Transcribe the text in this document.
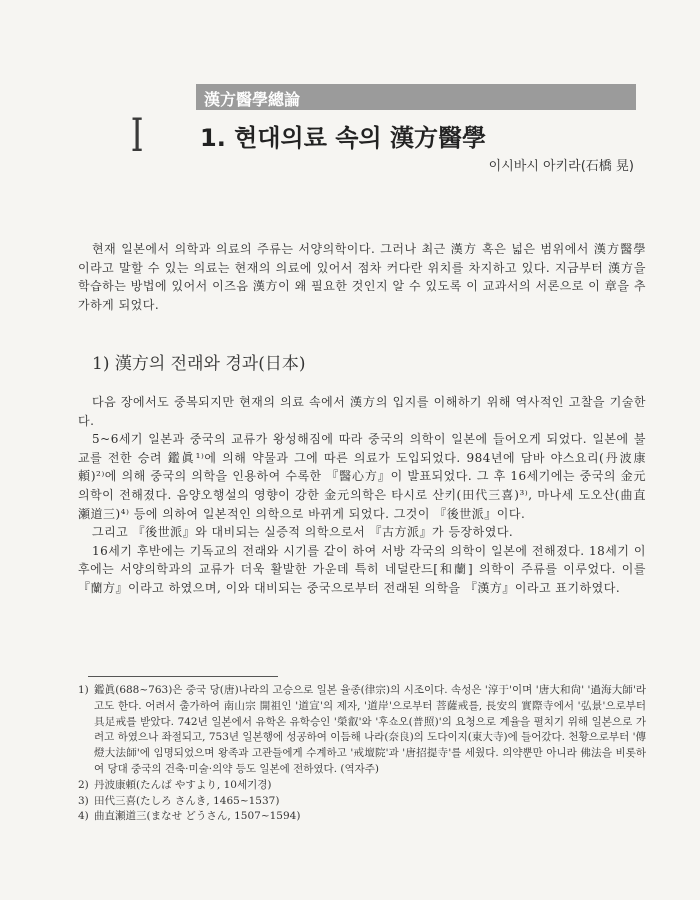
漢方醫學總論
I 1. 현대의료 속의 漢方醫學
이시바시 아키라(石橋 晃)

현재 일본에서 의학과 의료의 주류는 서양의학이다. 그러나 최근 漢方 혹은 넓은 범위에서 漢方醫學이라고 말할 수 있는 의료는 현재의 의료에 있어서 점차 커다란 위치를 차지하고 있다. 지금부터 漢方을 학습하는 방법에 있어서 이즈음 漢方이 왜 필요한 것인지 알 수 있도록 이 교과서의 서론으로 이 章을 추가하게 되었다.

1) 漢方의 전래와 경과(日本)

다음 장에서도 중복되지만 현재의 의료 속에서 漢方의 입지를 이해하기 위해 역사적인 고찰을 기술한다.

5~6세기 일본과 중국의 교류가 왕성해짐에 따라 중국의 의학이 일본에 들어오게 되었다. 일본에 불교를 전한 승려 鑑眞¹⁾에 의해 약물과 그에 따른 의료가 도입되었다. 984년에 담바 야스요리(丹波康頼)²⁾에 의해 중국의 의학을 인용하여 수록한 『醫心方』이 발표되었다. 그 후 16세기에는 중국의 金元의학이 전해졌다. 음양오행설의 영향이 강한 金元의학은 타시로 산키(田代三喜)³⁾, 마나세 도오산(曲直瀬道三)⁴⁾ 등에 의하여 일본적인 의학으로 바뀌게 되었다. 그것이 『後世派』이다.

그리고 『後世派』와 대비되는 실증적 의학으로서 『古方派』가 등장하였다.

16세기 후반에는 기독교의 전래와 시기를 같이 하여 서방 각국의 의학이 일본에 전해졌다. 18세기 이후에는 서양의학과의 교류가 더욱 활발한 가운데 특히 네덜란드[和蘭] 의학이 주류를 이루었다. 이를 『蘭方』이라고 하였으며, 이와 대비되는 중국으로부터 전래된 의학을 『漢方』이라고 표기하였다.

1) 鑑眞(688~763)은 중국 당(唐)나라의 고승으로 일본 율종(律宗)의 시조이다. 속성은 '淳于'이며 '唐大和尙' '過海大師'라고도 한다. 어려서 출가하여 南山宗 開祖인 '道宣'의 제자, '道岸'으로부터 菩薩戒를, 長安의 實際寺에서 '弘景'으로부터 具足戒를 받았다. 742년 일본에서 유학온 유학승인 '榮叡'와 '후쇼오(普照)'의 요청으로 계율을 펼치기 위해 일본으로 가려고 하였으나 좌절되고, 753년 일본행에 성공하여 이듬해 나라(奈良)의 도다이지(東大寺)에 들어갔다. 천황으로부터 '傳燈大法師'에 임명되었으며 왕족과 고관들에게 수계하고 '戒壇院'과 '唐招提寺'를 세웠다. 의약뿐만 아니라 佛法을 비롯하여 당대 중국의 건축·미술·의약 등도 일본에 전하였다. (역자주)
2) 丹波康頼(たんば やすより, 10세기경)
3) 田代三喜(たしろ さんき, 1465~1537)
4) 曲直瀬道三(まなせ どうさん, 1507~1594)
